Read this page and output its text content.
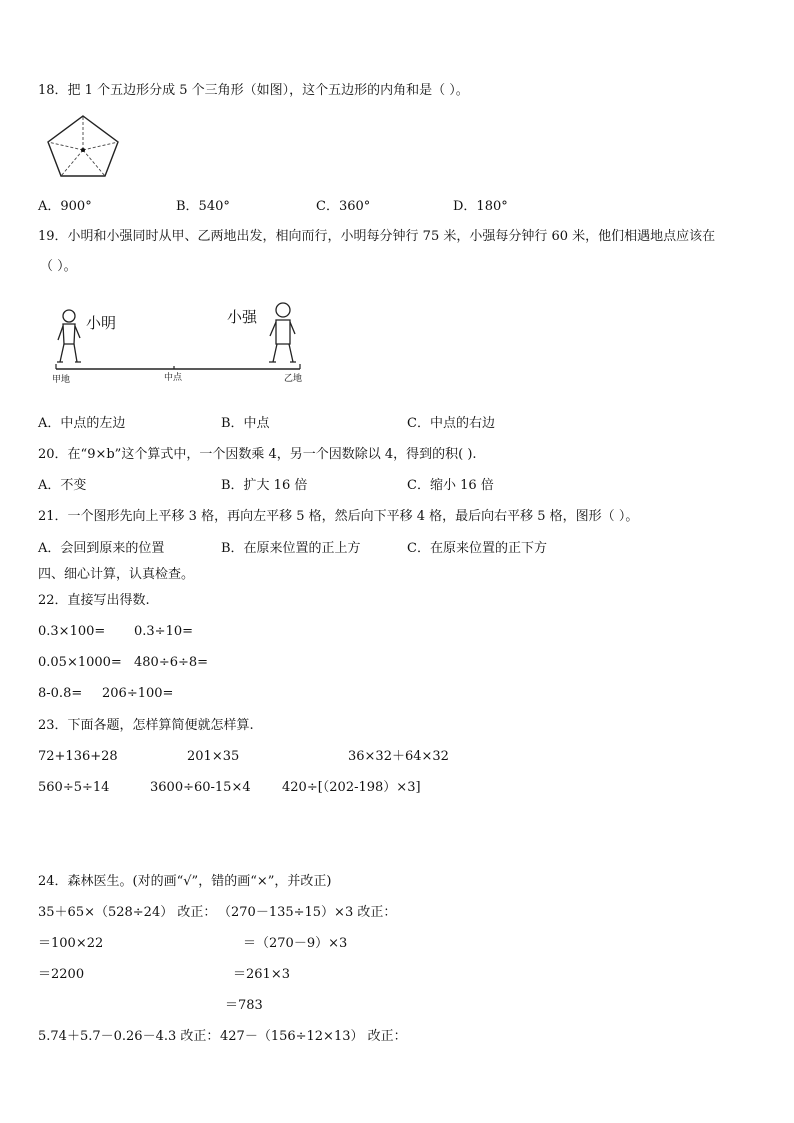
18．把 1 个五边形分成 5 个三角形（如图），这个五边形的内角和是（ ）。
A．900°	B．540°	C．360°	D．180°
19．小明和小强同时从甲、乙两地出发，相向而行，小明每分钟行 75 米，小强每分钟行 60 米，他们相遇地点应该在
（ ）。
小明	小强
甲地	中点	乙地
A．中点的左边	B．中点	C．中点的右边
20．在“9×b”这个算式中，一个因数乘 4，另一个因数除以 4，得到的积( ).
A．不变	B．扩大 16 倍	C．缩小 16 倍
21．一个图形先向上平移 3 格，再向左平移 5 格，然后向下平移 4 格，最后向右平移 5 格，图形（ ）。
A．会回到原来的位置	B．在原来位置的正上方	C．在原来位置的正下方
四、细心计算，认真检查。
22．直接写出得数.
0.3×100= 0.3÷10=
0.05×1000= 480÷6÷8=
8-0.8= 206÷100=
23．下面各题，怎样算简便就怎样算.
72+136+28	201×35	36×32＋64×32
560÷5÷14	3600÷60-15×4 420÷[（202-198）×3]
24．森林医生。(对的画“√”，错的画“×”，并改正)
35＋65×（528÷24） 改正： （270－135÷15）×3 改正：
＝100×22	＝（270－9）×3
＝2200	＝261×3
＝783
5.74＋5.7－0.26－4.3 改正： 427－（156÷12×13） 改正：
